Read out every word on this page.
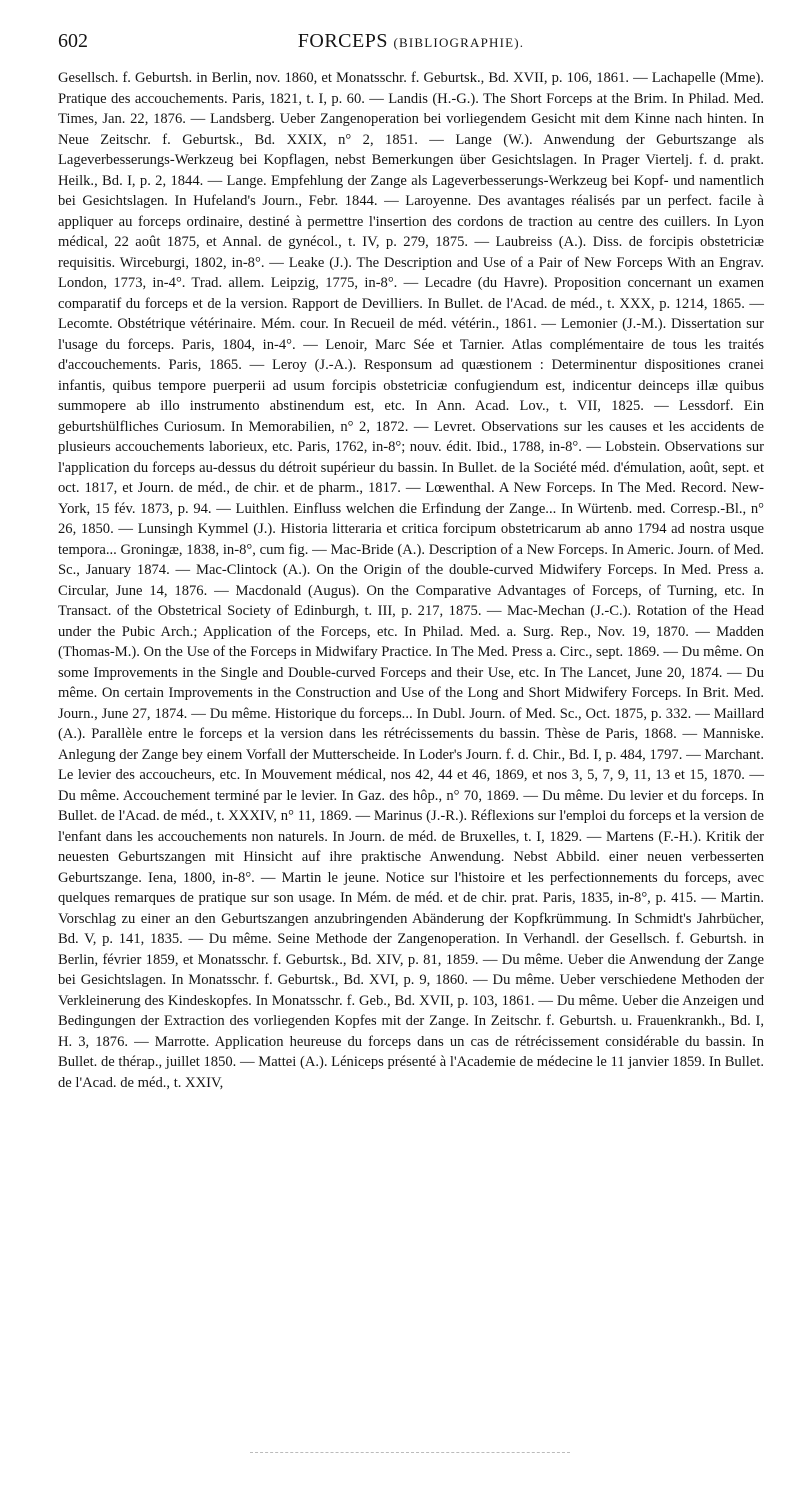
602	FORCEPS (BIBLIOGRAPHIE).

Gesellsch. f. Geburtsh. in Berlin, nov. 1860, et Monatsschr. f. Geburtsk., Bd. XVII, p. 106, 1861. — Lachapelle (Mme). Pratique des accouchements. Paris, 1821, t. I, p. 60. — Landis (H.-G.). The Short Forceps at the Brim. In Philad. Med. Times, Jan. 22, 1876. — Landsberg. Ueber Zangenoperation bei vorliegendem Gesicht mit dem Kinne nach hinten. In Neue Zeitschr. f. Geburtsk., Bd. XXIX, n° 2, 1851. — Lange (W.). Anwendung der Geburtszange als Lageverbesserungs-Werkzeug bei Kopflagen, nebst Bemerkungen über Gesichtslagen. In Prager Viertelj. f. d. prakt. Heilk., Bd. I, p. 2, 1844. — Lange. Empfehlung der Zange als Lageverbesserungs-Werkzeug bei Kopf- und namentlich bei Gesichtslagen. In Hufeland's Journ., Febr. 1844. — Laroyenne. Des avantages réalisés par un perfect. facile à appliquer au forceps ordinaire, destiné à permettre l'insertion des cordons de traction au centre des cuillers. In Lyon médical, 22 août 1875, et Annal. de gynécol., t. IV, p. 279, 1875. — Laubreiss (A.). Diss. de forcipis obstetriciæ requisitis. Wirceburgi, 1802, in-8°. — Leake (J.). The Description and Use of a Pair of New Forceps With an Engrav. London, 1773, in-4°. Trad. allem. Leipzig, 1775, in-8°. — Lecadre (du Havre). Proposition concernant un examen comparatif du forceps et de la version. Rapport de Devilliers. In Bullet. de l'Acad. de méd., t. XXX, p. 1214, 1865. — Lecomte. Obstétrique vétérinaire. Mém. cour. In Recueil de méd. vétérin., 1861. — Lemonier (J.-M.). Dissertation sur l'usage du forceps. Paris, 1804, in-4°. — Lenoir, Marc Sée et Tarnier. Atlas complémentaire de tous les traités d'accouchements. Paris, 1865. — Leroy (J.-A.). Responsum ad quæstionem : Determinentur dispositiones cranei infantis, quibus tempore puerperii ad usum forcipis obstetriciæ confugiendum est, indicentur deinceps illæ quibus summopere ab illo instrumento abstinendum est, etc. In Ann. Acad. Lov., t. VII, 1825. — Lessdorf. Ein geburtshülfliches Curiosum. In Memorabilien, n° 2, 1872. — Levret. Observations sur les causes et les accidents de plusieurs accouchements laborieux, etc. Paris, 1762, in-8°; nouv. édit. Ibid., 1788, in-8°. — Lobstein. Observations sur l'application du forceps au-dessus du détroit supérieur du bassin. In Bullet. de la Société méd. d'émulation, août, sept. et oct. 1817, et Journ. de méd., de chir. et de pharm., 1817. — Lœwenthal. A New Forceps. In The Med. Record. New-York, 15 fév. 1873, p. 94. — Luithlen. Einfluss welchen die Erfindung der Zange... In Würtenb. med. Corresp.-Bl., n° 26, 1850. — Lunsingh Kymmel (J.). Historia litteraria et critica forcipum obstetricarum ab anno 1794 ad nostra usque tempora... Groningæ, 1838, in-8°, cum fig. — Mac-Bride (A.). Description of a New Forceps. In Americ. Journ. of Med. Sc., January 1874. — Mac-Clintock (A.). On the Origin of the double-curved Midwifery Forceps. In Med. Press a. Circular, June 14, 1876. — Macdonald (Augus). On the Comparative Advantages of Forceps, of Turning, etc. In Transact. of the Obstetrical Society of Edinburgh, t. III, p. 217, 1875. — Mac-Mechan (J.-C.). Rotation of the Head under the Pubic Arch.; Application of the Forceps, etc. In Philad. Med. a. Surg. Rep., Nov. 19, 1870. — Madden (Thomas-M.). On the Use of the Forceps in Midwifary Practice. In The Med. Press a. Circ., sept. 1869. — Du même. On some Improvements in the Single and Double-curved Forceps and their Use, etc. In The Lancet, June 20, 1874. — Du même. On certain Improvements in the Construction and Use of the Long and Short Midwifery Forceps. In Brit. Med. Journ., June 27, 1874. — Du même. Historique du forceps... In Dubl. Journ. of Med. Sc., Oct. 1875, p. 332. — Maillard (A.). Parallèle entre le forceps et la version dans les rétrécissements du bassin. Thèse de Paris, 1868. — Manniske. Anlegung der Zange bey einem Vorfall der Mutterscheide. In Loder's Journ. f. d. Chir., Bd. I, p. 484, 1797. — Marchant. Le levier des accoucheurs, etc. In Mouvement médical, nos 42, 44 et 46, 1869, et nos 3, 5, 7, 9, 11, 13 et 15, 1870. — Du même. Accouchement terminé par le levier. In Gaz. des hôp., n° 70, 1869. — Du même. Du levier et du forceps. In Bullet. de l'Acad. de méd., t. XXXIV, n° 11, 1869. — Marinus (J.-R.). Réflexions sur l'emploi du forceps et la version de l'enfant dans les accouchements non naturels. In Journ. de méd. de Bruxelles, t. I, 1829. — Martens (F.-H.). Kritik der neuesten Geburtszangen mit Hinsicht auf ihre praktische Anwendung. Nebst Abbild. einer neuen verbesserten Geburtszange. Iena, 1800, in-8°. — Martin le jeune. Notice sur l'histoire et les perfectionnements du forceps, avec quelques remarques de pratique sur son usage. In Mém. de méd. et de chir. prat. Paris, 1835, in-8°, p. 415. — Martin. Vorschlag zu einer an den Geburtszangen anzubringenden Abänderung der Kopfkrümmung. In Schmidt's Jahrbücher, Bd. V, p. 141, 1835. — Du même. Seine Methode der Zangenoperation. In Verhandl. der Gesellsch. f. Geburtsh. in Berlin, février 1859, et Monatsschr. f. Geburtsk., Bd. XIV, p. 81, 1859. — Du même. Ueber die Anwendung der Zange bei Gesichtslagen. In Monatsschr. f. Geburtsk., Bd. XVI, p. 9, 1860. — Du même. Ueber verschiedene Methoden der Verkleinerung des Kindeskopfes. In Monatsschr. f. Geb., Bd. XVII, p. 103, 1861. — Du même. Ueber die Anzeigen und Bedingungen der Extraction des vorliegenden Kopfes mit der Zange. In Zeitschr. f. Geburtsh. u. Frauenkrankh., Bd. I, H. 3, 1876. — Marrotte. Application heureuse du forceps dans un cas de rétrécissement considérable du bassin. In Bullet. de thérap., juillet 1850. — Mattei (A.). Léniceps présenté à l'Academie de médecine le 11 janvier 1859. In Bullet. de l'Acad. de méd., t. XXIV,
